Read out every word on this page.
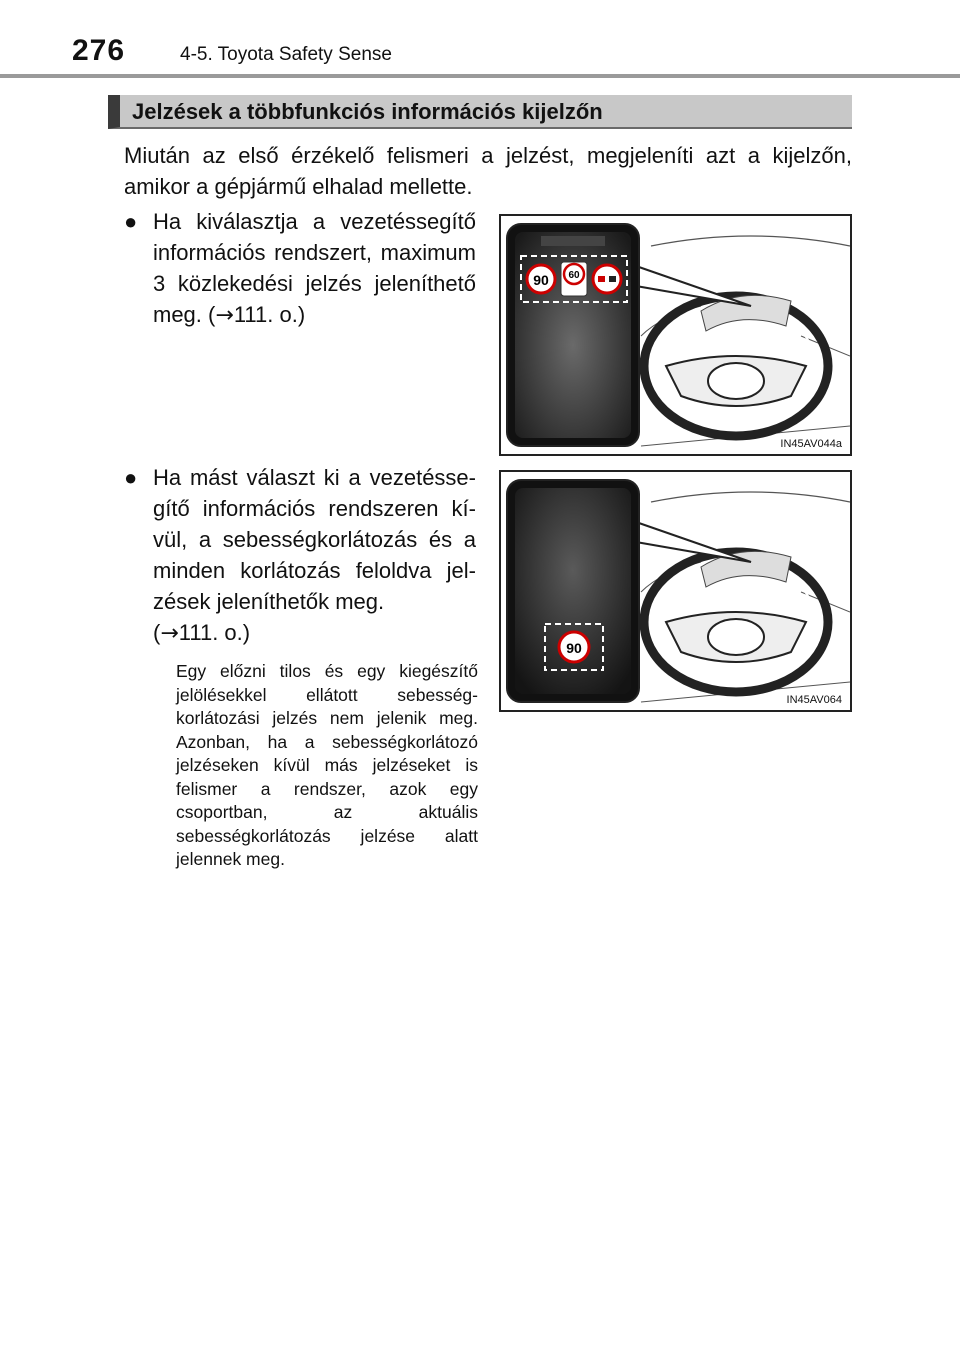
276	4-5. Toyota Safety Sense
Jelzések a többfunkciós információs kijelzőn
Miután az első érzékelő felismeri a jelzést, megjeleníti azt a kijelzőn, amikor a gépjármű elhalad mellette.
● Ha kiválasztja a vezetéssegítő információs rendszert, maximum 3 közlekedési jelzés jeleníthető meg. (→111. o.)
● Ha mást választ ki a vezetéssegítő információs rendszeren kívül, a sebességkorlátozás és a minden korlátozás feloldva jelzések jeleníthetők meg.
(→111. o.)
Egy előzni tilos és egy kiegészítő jelölésekkel ellátott sebességkorlátozási jelzés nem jelenik meg. Azonban, ha a sebességkorlátozó jelzéseken kívül más jelzéseket is felismer a rendszer, azok egy csoportban, az aktuális sebességkorlátozás jelzése alatt jelennek meg.
90 60
IN45AV044a
90
IN45AV064
